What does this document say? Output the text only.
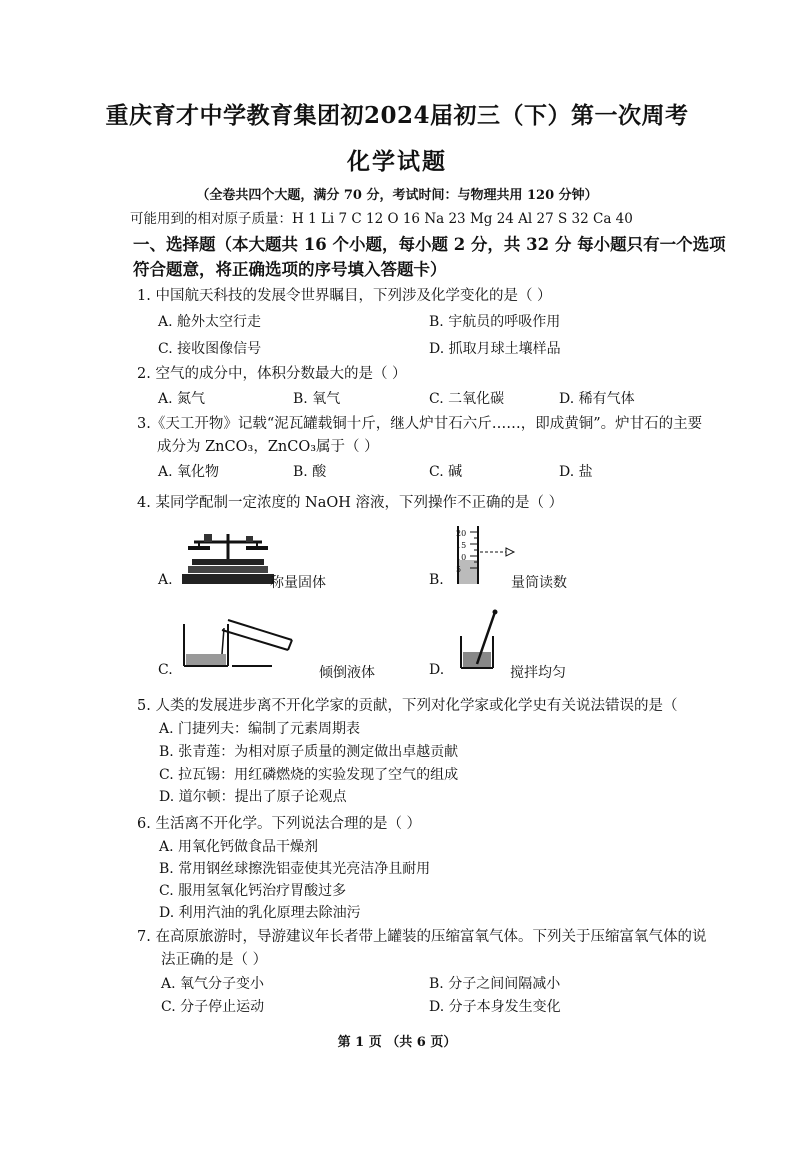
重庆育才中学教育集团初2024届初三（下）第一次周考
化学试题
（全卷共四个大题，满分 70 分，考试时间：与物理共用 120 分钟）
可能用到的相对原子质量：H 1 Li 7 C 12 O 16 Na 23 Mg 24 Al 27 S 32 Ca 40
一、选择题（本大题共 16 个小题，每小题 2 分，共 32 分 每小题只有一个选项
符合题意，将正确选项的序号填入答题卡）
1. 中国航天科技的发展令世界瞩目，下列涉及化学变化的是（ ）
A. 舱外太空行走	B. 宇航员的呼吸作用
C. 接收图像信号	D. 抓取月球土壤样品
2. 空气的成分中，体积分数最大的是（ ）
A. 氮气	B. 氧气	C. 二氧化碳	D. 稀有气体
3.《天工开物》记载“泥瓦罐载铜十斤，继人炉甘石六斤……，即成黄铜”。炉甘石的主要
成分为 ZnCO₃，ZnCO₃属于（ ）
A. 氧化物	B. 酸	C. 碱	D. 盐
4. 某同学配制一定浓度的 NaOH 溶液，下列操作不正确的是（ ）
A.	称量固体	B.
20
15
10
5
量筒读数
C.	倾倒液体	D.	搅拌均匀
5. 人类的发展进步离不开化学家的贡献，下列对化学家或化学史有关说法错误的是（
A. 门捷列夫：编制了元素周期表
B. 张青莲：为相对原子质量的测定做出卓越贡献
C. 拉瓦锡：用红磷燃烧的实验发现了空气的组成
D. 道尔顿：提出了原子论观点
6. 生活离不开化学。下列说法合理的是（ ）
A. 用氧化钙做食品干燥剂
B. 常用钢丝球擦洗铝壶使其光亮洁净且耐用
C. 服用氢氧化钙治疗胃酸过多
D. 利用汽油的乳化原理去除油污
7. 在高原旅游时，导游建议年长者带上罐装的压缩富氧气体。下列关于压缩富氧气体的说
法正确的是（ ）
A. 氧气分子变小	B. 分子之间间隔减小
C. 分子停止运动	D. 分子本身发生变化
第 1 页 （共 6 页）
